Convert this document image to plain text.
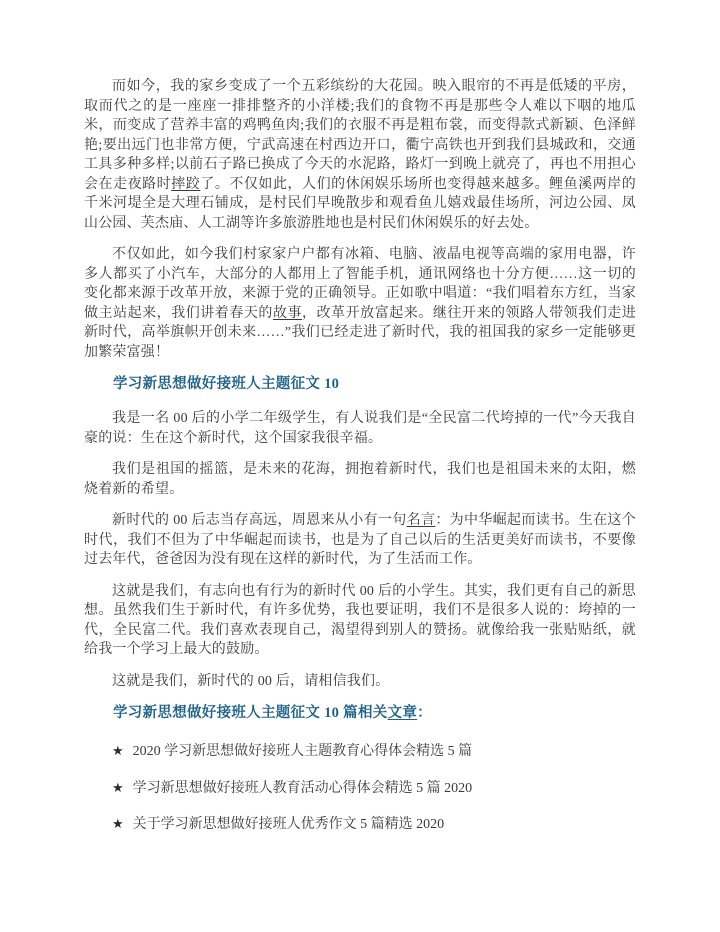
而如今，我的家乡变成了一个五彩缤纷的大花园。映入眼帘的不再是低矮的平房，取而代之的是一座座一排排整齐的小洋楼;我们的食物不再是那些令人难以下咽的地瓜米，而变成了营养丰富的鸡鸭鱼肉;我们的衣服不再是粗布裳，而变得款式新颖、色泽鲜艳;要出远门也非常方便，宁武高速在村西边开口，衢宁高铁也开到我们县城政和，交通工具多种多样;以前石子路已换成了今天的水泥路，路灯一到晚上就亮了，再也不用担心会在走夜路时摔跤了。不仅如此，人们的休闲娱乐场所也变得越来越多。鲤鱼溪两岸的千米河堤全是大理石铺成，是村民们早晚散步和观看鱼儿嬉戏最佳场所，河边公园、凤山公园、芙杰庙、人工湖等许多旅游胜地也是村民们休闲娱乐的好去处。

不仅如此，如今我们村家家户户都有冰箱、电脑、液晶电视等高端的家用电器，许多人都买了小汽车，大部分的人都用上了智能手机，通讯网络也十分方便……这一切的变化都来源于改革开放，来源于党的正确领导。正如歌中唱道：“我们唱着东方红，当家做主站起来，我们讲着春天的故事，改革开放富起来。继往开来的领路人带领我们走进新时代，高举旗帜开创未来……”我们已经走进了新时代，我的祖国我的家乡一定能够更加繁荣富强！

学习新思想做好接班人主题征文 10

我是一名 00 后的小学二年级学生，有人说我们是“全民富二代垮掉的一代”今天我自豪的说：生在这个新时代，这个国家我很辛福。

我们是祖国的摇篮，是未来的花海，拥抱着新时代，我们也是祖国未来的太阳，燃烧着新的希望。

新时代的 00 后志当存高远，周恩来从小有一句名言：为中华崛起而读书。生在这个时代，我们不但为了中华崛起而读书，也是为了自己以后的生活更美好而读书，不要像过去年代，爸爸因为没有现在这样的新时代，为了生活而工作。

这就是我们，有志向也有行为的新时代 00 后的小学生。其实，我们更有自己的新思想。虽然我们生于新时代，有许多优势，我也要证明，我们不是很多人说的：垮掉的一代，全民富二代。我们喜欢表现自己，渴望得到别人的赞扬。就像给我一张贴贴纸，就给我一个学习上最大的鼓励。

这就是我们，新时代的 00 后，请相信我们。

学习新思想做好接班人主题征文 10 篇相关文章：
★ 2020 学习新思想做好接班人主题教育心得体会精选 5 篇
★ 学习新思想做好接班人教育活动心得体会精选 5 篇 2020
★ 关于学习新思想做好接班人优秀作文 5 篇精选 2020
